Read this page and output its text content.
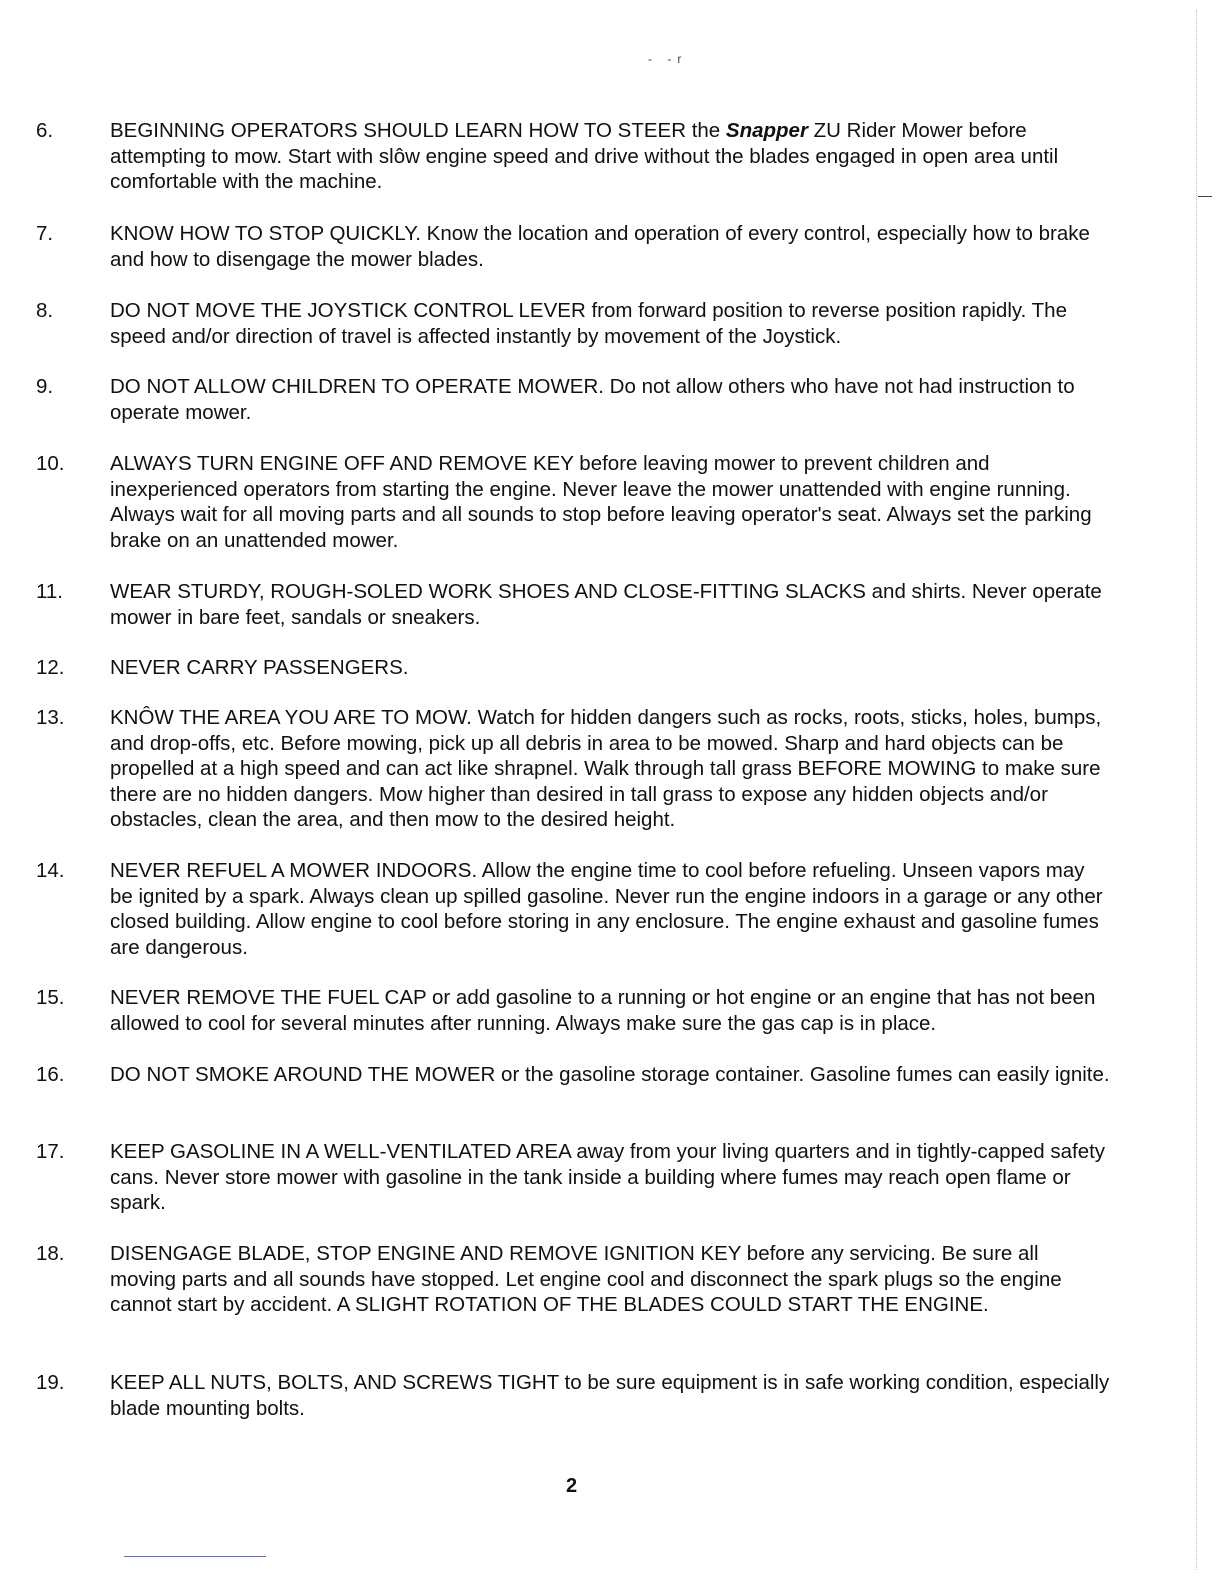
- -r
6.	BEGINNING OPERATORS SHOULD LEARN HOW TO STEER the Snapper ZU Rider Mower before attempting to mow. Start with slôw engine speed and drive without the blades engaged in open area until comfortable with the machine.
7.	KNOW HOW TO STOP QUICKLY. Know the location and operation of every control, especially how to brake and how to disengage the mower blades.
8.	DO NOT MOVE THE JOYSTICK CONTROL LEVER from forward position to reverse position rapidly. The speed and/or direction of travel is affected instantly by movement of the Joystick.
9.	DO NOT ALLOW CHILDREN TO OPERATE MOWER. Do not allow others who have not had instruction to operate mower.
10.	ALWAYS TURN ENGINE OFF AND REMOVE KEY before leaving mower to prevent children and inexperienced operators from starting the engine. Never leave the mower unattended with engine running. Always wait for all moving parts and all sounds to stop before leaving operator's seat. Always set the parking brake on an unattended mower.
11.	WEAR STURDY, ROUGH-SOLED WORK SHOES AND CLOSE-FITTING SLACKS and shirts. Never operate mower in bare feet, sandals or sneakers.
12.	NEVER CARRY PASSENGERS.
13.	KNÔW THE AREA YOU ARE TO MOW. Watch for hidden dangers such as rocks, roots, sticks, holes, bumps, and drop-offs, etc. Before mowing, pick up all debris in area to be mowed. Sharp and hard objects can be propelled at a high speed and can act like shrapnel. Walk through tall grass BEFORE MOWING to make sure there are no hidden dangers. Mow higher than desired in tall grass to expose any hidden objects and/or obstacles, clean the area, and then mow to the desired height.
14.	NEVER REFUEL A MOWER INDOORS. Allow the engine time to cool before refueling. Unseen vapors may be ignited by a spark. Always clean up spilled gasoline. Never run the engine indoors in a garage or any other closed building. Allow engine to cool before storing in any enclosure. The engine exhaust and gasoline fumes are dangerous.
15.	NEVER REMOVE THE FUEL CAP or add gasoline to a running or hot engine or an engine that has not been allowed to cool for several minutes after running. Always make sure the gas cap is in place.
16.	DO NOT SMOKE AROUND THE MOWER or the gasoline storage container. Gasoline fumes can easily ignite.
17.	KEEP GASOLINE IN A WELL-VENTILATED AREA away from your living quarters and in tightly-capped safety cans. Never store mower with gasoline in the tank inside a building where fumes may reach open flame or spark.
18.	DISENGAGE BLADE, STOP ENGINE AND REMOVE IGNITION KEY before any servicing. Be sure all moving parts and all sounds have stopped. Let engine cool and disconnect the spark plugs so the engine cannot start by accident. A SLIGHT ROTATION OF THE BLADES COULD START THE ENGINE.
19.	KEEP ALL NUTS, BOLTS, AND SCREWS TIGHT to be sure equipment is in safe working condition, especially blade mounting bolts.
2
